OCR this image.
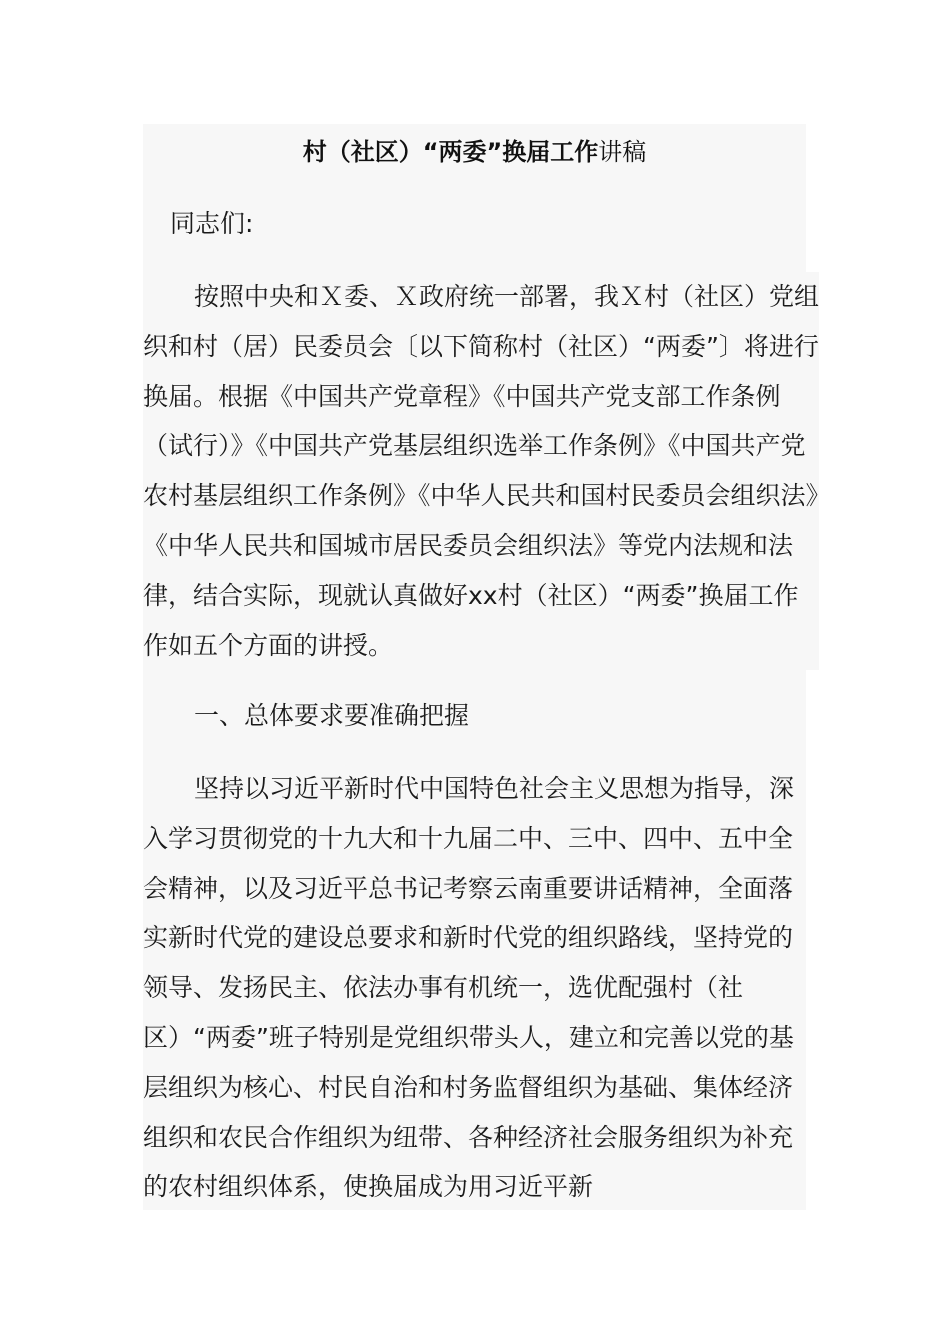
村（社区）“两委”换届工作讲稿
同志们:

按照中央和Ｘ委、Ｘ政府统一部署，我Ｘ村（社区）党组织和村（居）民委员会〔以下简称村（社区）“两委”〕将进行换届。根据《中国共产党章程》《中国共产党支部工作条例（试行）》《中国共产党基层组织选举工作条例》《中国共产党农村基层组织工作条例》《中华人民共和国村民委员会组织法》《中华人民共和国城市居民委员会组织法》等党内法规和法律，结合实际，现就认真做好xx村（社区）“两委”换届工作作如五个方面的讲授。

一、总体要求要准确把握

坚持以习近平新时代中国特色社会主义思想为指导，深入学习贯彻党的十九大和十九届二中、三中、四中、五中全会精神，以及习近平总书记考察云南重要讲话精神，全面落实新时代党的建设总要求和新时代党的组织路线，坚持党的领导、发扬民主、依法办事有机统一，选优配强村（社区）“两委”班子特别是党组织带头人，建立和完善以党的基层组织为核心、村民自治和村务监督组织为基础、集体经济组织和农民合作组织为纽带、各种经济社会服务组织为补充的农村组织体系，使换届成为用习近平新
